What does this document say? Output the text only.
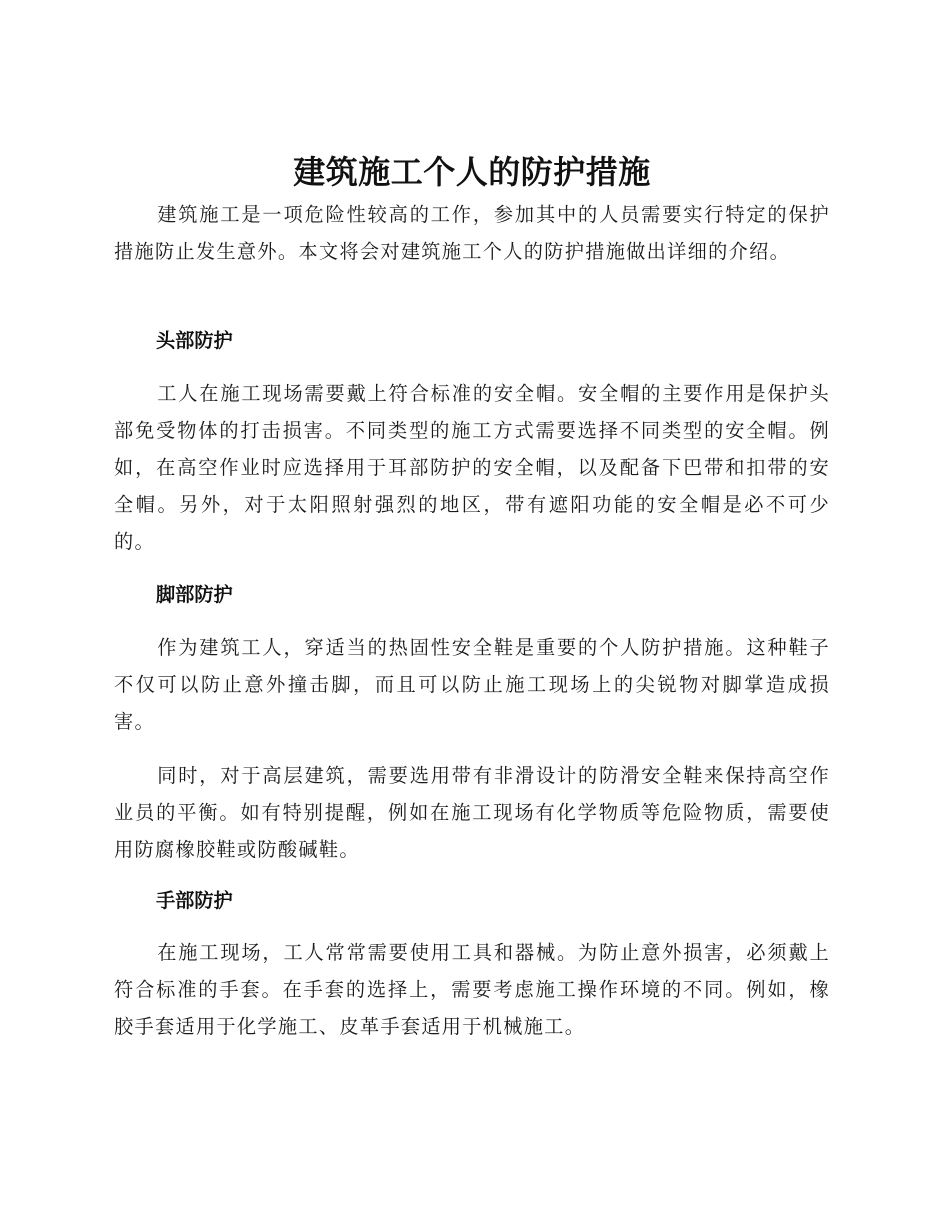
建筑施工个人的防护措施

建筑施工是一项危险性较高的工作，参加其中的人员需要实行特定的保护措施防止发生意外。本文将会对建筑施工个人的防护措施做出详细的介绍。

头部防护

工人在施工现场需要戴上符合标准的安全帽。安全帽的主要作用是保护头部免受物体的打击损害。不同类型的施工方式需要选择不同类型的安全帽。例如，在高空作业时应选择用于耳部防护的安全帽，以及配备下巴带和扣带的安全帽。另外，对于太阳照射强烈的地区，带有遮阳功能的安全帽是必不可少的。

脚部防护

作为建筑工人，穿适当的热固性安全鞋是重要的个人防护措施。这种鞋子不仅可以防止意外撞击脚，而且可以防止施工现场上的尖锐物对脚掌造成损害。

同时，对于高层建筑，需要选用带有非滑设计的防滑安全鞋来保持高空作业员的平衡。如有特别提醒，例如在施工现场有化学物质等危险物质，需要使用防腐橡胶鞋或防酸碱鞋。

手部防护

在施工现场，工人常常需要使用工具和器械。为防止意外损害，必须戴上符合标准的手套。在手套的选择上，需要考虑施工操作环境的不同。例如，橡胶手套适用于化学施工、皮革手套适用于机械施工。
